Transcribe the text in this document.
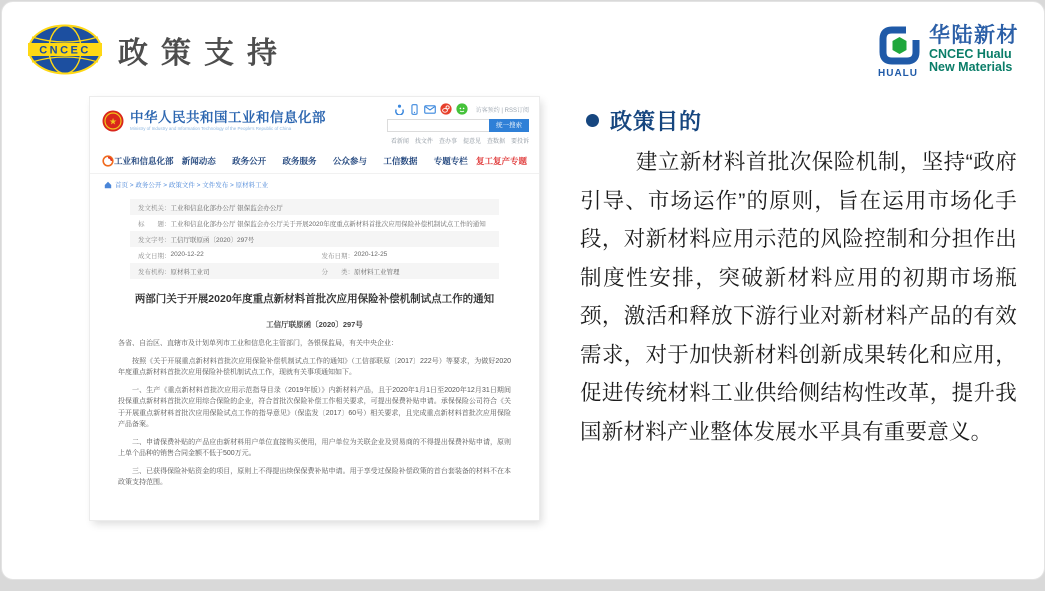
CNCEC 政策支持
HUALU
华陆新材
CNCEC Hualu
New Materials
★ 中华人民共和国工业和信息化部
Ministry of Industry and Information Technology of the People's Republic of China
访客预约 | RSS订阅
统一搜索
看新闻 找文件 查办事 提意见 查数据 要投诉
工业和信息化部 新闻动态	政务公开	政务服务	公众参与	工信数据	专题专栏 复工复产专题
首页 > 政务公开 > 政策文件 > 文件发布 > 原材料工业
发文机关： 工业和信息化部办公厅 银保监会办公厅
标　　题： 工业和信息化部办公厅 银保监会办公厅关于开展2020年度重点新材料首批次应用保险补偿机制试点工作的通知
发文字号： 工信厅联原函〔2020〕297号
成文日期： 2020-12-22	发布日期： 2020-12-25
发布机构： 原材料工业司	分　　类： 原材料工业管理
两部门关于开展2020年度重点新材料首批次应用保险补偿机制试点工作的通知
工信厅联原函〔2020〕297号

各省、自治区、直辖市及计划单列市工业和信息化主管部门，各银保监局，有关中央企业：

按照《关于开展重点新材料首批次应用保险补偿机制试点工作的通知》（工信部联原〔2017〕222号）等要求，为做好2020年度重点新材料首批次应用保险补偿机制试点工作，现就有关事项通知如下。

一、生产《重点新材料首批次应用示范指导目录（2019年版）》内新材料产品，且于2020年1月1日至2020年12月31日期间投保重点新材料首批次应用综合保险的企业，符合首批次保险补偿工作相关要求，可提出保费补贴申请。承保保险公司符合《关于开展重点新材料首批次应用保险试点工作的指导意见》（保监发〔2017〕60号）相关要求，且完成重点新材料首批次应用保险产品备案。

二、申请保费补贴的产品应由新材料用户单位直接购买使用，用户单位为关联企业及贸易商的不得提出保费补贴申请，原则上单个品种的销售合同金额不低于500万元。

三、已获得保险补贴资金的项目，原则上不得提出续保保费补贴申请。用于享受过保险补偿政策的首台套装备的材料不在本政策支持范围。

政策目的

建立新材料首批次保险机制，坚持“政府引导、市场运作”的原则，旨在运用市场化手段，对新材料应用示范的风险控制和分担作出制度性安排，突破新材料应用的初期市场瓶颈，激活和释放下游行业对新材料产品的有效需求，对于加快新材料创新成果转化和应用，促进传统材料工业供给侧结构性改革，提升我国新材料产业整体发展水平具有重要意义。
